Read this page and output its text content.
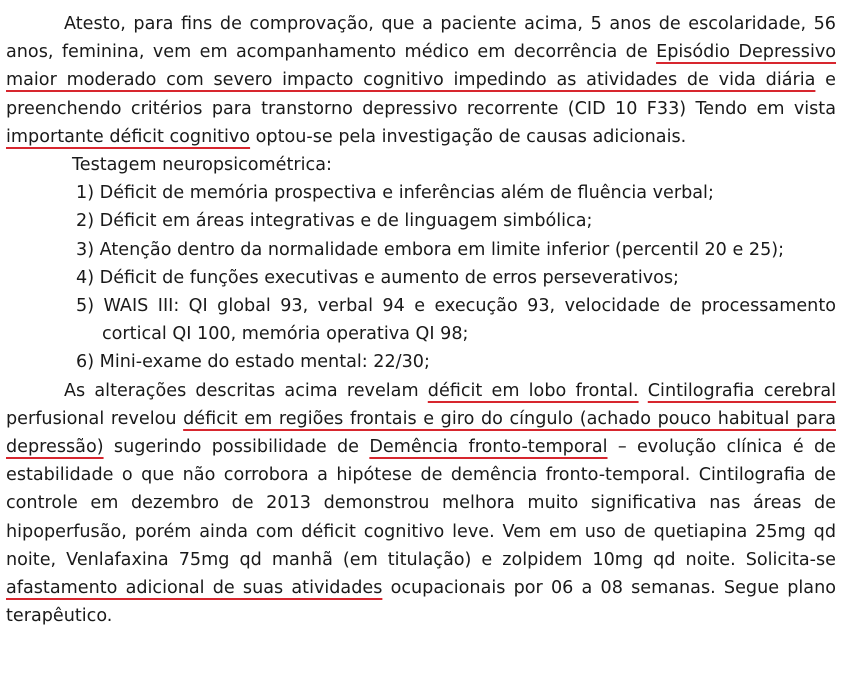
Atesto, para fins de comprovação, que a paciente acima, 5 anos de escolaridade, 56 anos, feminina, vem em acompanhamento médico em decorrência de Episódio Depressivo maior moderado com severo impacto cognitivo impedindo as atividades de vida diária e preenchendo critérios para transtorno depressivo recorrente (CID 10 F33) Tendo em vista importante déficit cognitivo optou-se pela investigação de causas adicionais.

Testagem neuropsicométrica:

1) Déficit de memória prospectiva e inferências além de fluência verbal;

2) Déficit em áreas integrativas e de linguagem simbólica;

3) Atenção dentro da normalidade embora em limite inferior (percentil 20 e 25);

4) Déficit de funções executivas e aumento de erros perseverativos;

5) WAIS III: QI global 93, verbal 94 e execução 93, velocidade de processamento cortical QI 100, memória operativa QI 98;

6) Mini-exame do estado mental: 22/30;

As alterações descritas acima revelam déficit em lobo frontal. Cintilografia cerebral perfusional revelou déficit em regiões frontais e giro do cíngulo (achado pouco habitual para depressão) sugerindo possibilidade de Demência fronto-temporal – evolução clínica é de estabilidade o que não corrobora a hipótese de demência fronto-temporal. Cintilografia de controle em dezembro de 2013 demonstrou melhora muito significativa nas áreas de hipoperfusão, porém ainda com déficit cognitivo leve. Vem em uso de quetiapina 25mg qd noite, Venlafaxina 75mg qd manhã (em titulação) e zolpidem 10mg qd noite. Solicita-se afastamento adicional de suas atividades ocupacionais por 06 a 08 semanas. Segue plano terapêutico.
